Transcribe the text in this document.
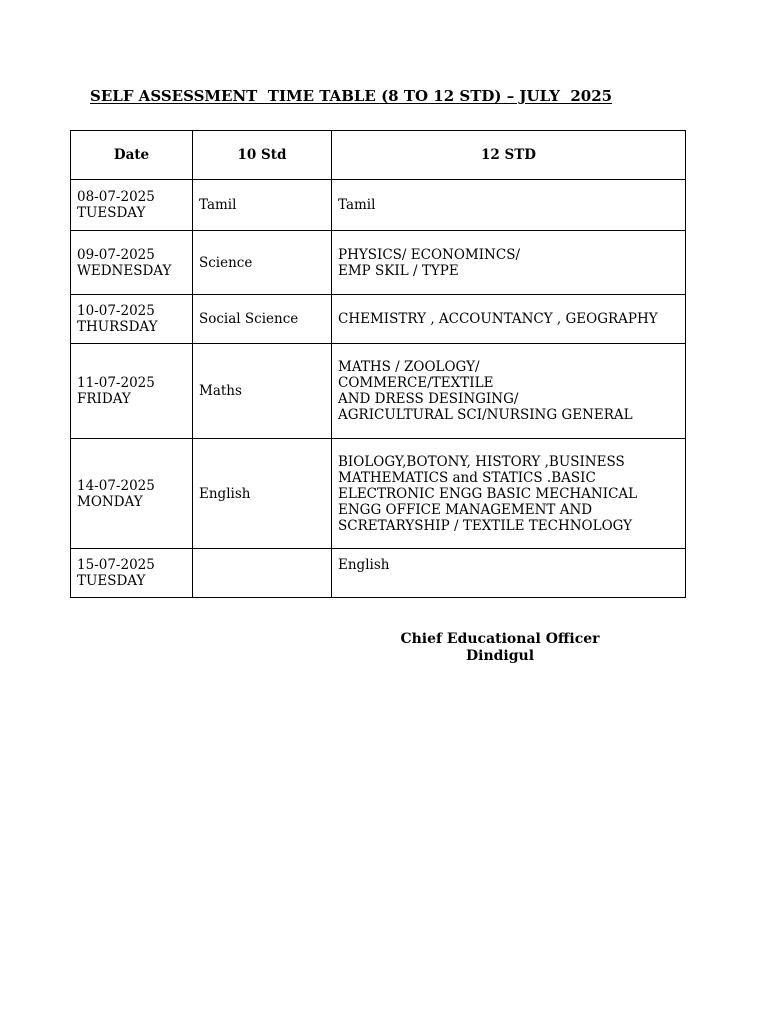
SELF ASSESSMENT  TIME TABLE (8 TO 12 STD) – JULY  2025
Date	10 Std	12 STD
08-07-2025
TUESDAY	Tamil	Tamil
09-07-2025
WEDNESDAY	Science	PHYSICS/ ECONOMINCS/
EMP SKIL / TYPE
10-07-2025
THURSDAY	Social Science	CHEMISTRY , ACCOUNTANCY , GEOGRAPHY
11-07-2025
FRIDAY	Maths	MATHS / ZOOLOGY/
COMMERCE/TEXTILE
AND DRESS DESINGING/
AGRICULTURAL SCI/NURSING GENERAL
14-07-2025
MONDAY	English	BIOLOGY,BOTONY, HISTORY ,BUSINESS
MATHEMATICS and STATICS .BASIC
ELECTRONIC ENGG BASIC MECHANICAL
ENGG OFFICE MANAGEMENT AND
SCRETARYSHIP / TEXTILE TECHNOLOGY
15-07-2025
TUESDAY		English
Chief Educational Officer
Dindigul
